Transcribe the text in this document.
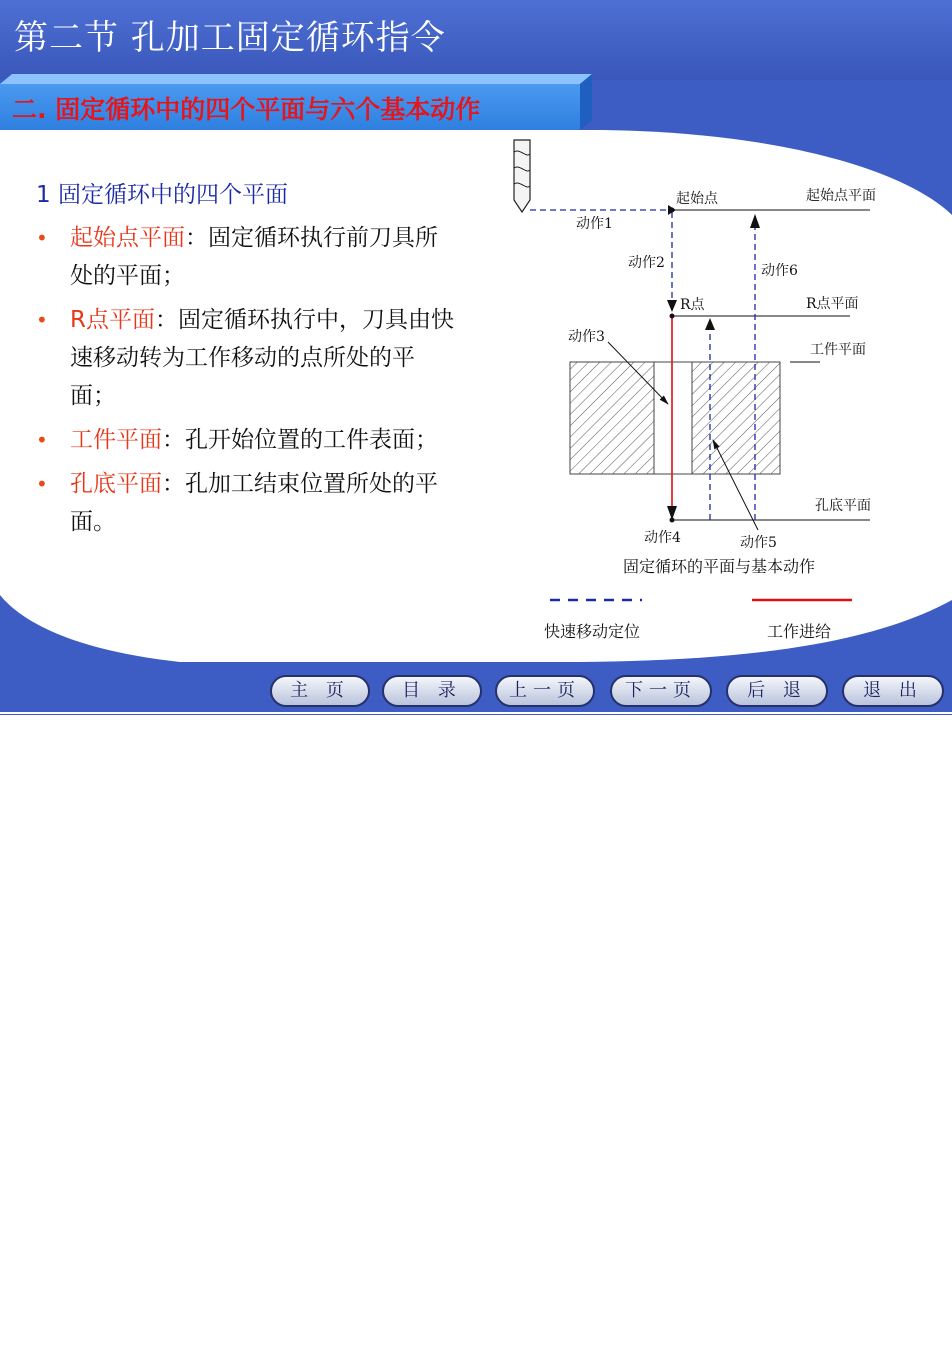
第二节 孔加工固定循环指令
二. 固定循环中的四个平面与六个基本动作
1 固定循环中的四个平面
• 起始点平面：固定循环执行前刀具所处的平面；
• R点平面：固定循环执行中，刀具由快速移动转为工作移动的点所处的平面；
• 工件平面：孔开始位置的工件表面；
• 孔底平面：孔加工结束位置所处的平面。
起始点	起始点平面
动作1
动作2	动作6
R点	R点平面
动作3
工件平面
孔底平面
动作4	动作5
固定循环的平面与基本动作
快速移动定位	工作进给
主 页	目 录	上一页	下一页	后 退	退 出
